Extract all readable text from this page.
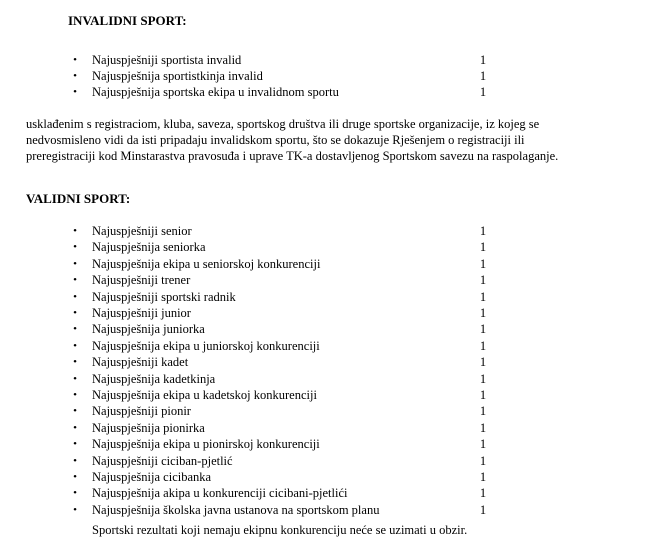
INVALIDNI SPORT:
• Najuspješniji sportista invalid	1
• Najuspješnija sportistkinja invalid	1
• Najuspješnija sportska ekipa u invalidnom sportu	1
usklađenim s registraciom, kluba, saveza, sportskog društva ili druge sportske organizacije, iz kojeg se
nedvosmisleno vidi da isti pripadaju invalidskom sportu, što se dokazuje Rješenjem o registraciji ili
preregistraciji kod Minstarastva pravosuđa i uprave TK-a dostavljenog Sportskom savezu na raspolaganje.
VALIDNI SPORT:
• Najuspješniji senior	1
• Najuspješnija seniorka	1
• Najuspješnija ekipa u seniorskoj konkurenciji	1
• Najuspješniji trener	1
• Najuspješniji sportski radnik	1
• Najuspješniji junior	1
• Najuspješnija juniorka	1
• Najuspješnija ekipa u juniorskoj konkurenciji	1
• Najuspješniji kadet	1
• Najuspješnija kadetkinja	1
• Najuspješnija ekipa u kadetskoj konkurenciji	1
• Najuspješniji pionir	1
• Najuspješnija pionirka	1
• Najuspješnija ekipa u pionirskoj konkurenciji	1
• Najuspješniji ciciban-pjetlić	1
• Najuspješnija cicibanka	1
• Najuspješnija akipa u konkurenciji cicibani-pjetlići	1
• Najuspješnija školska javna ustanova na sportskom planu	1
Sportski rezultati koji nemaju ekipnu konkurenciju neće se uzimati u obzir.
